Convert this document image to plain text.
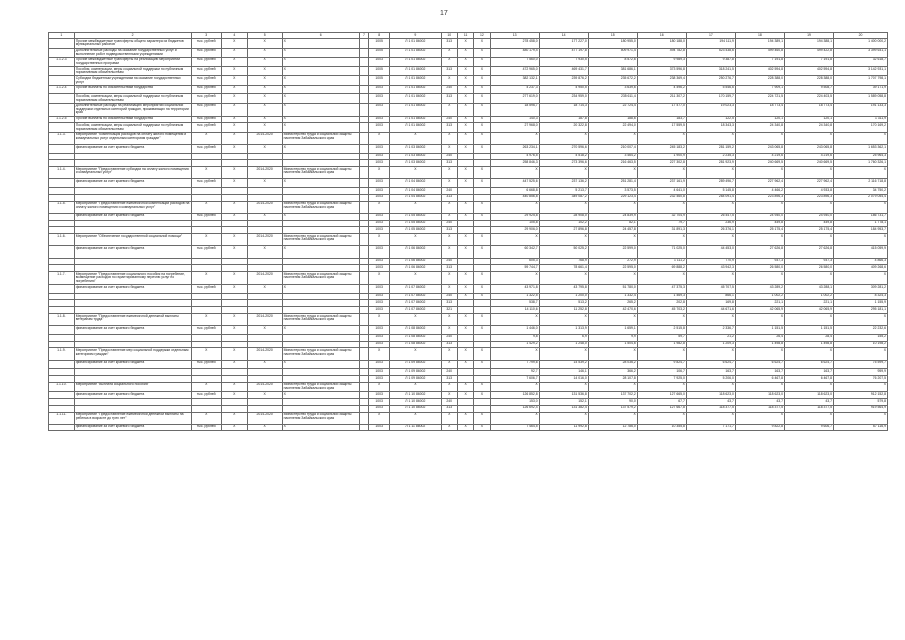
17
1	2	3	4	5	6	7	8	9	10	11	12	13	14	15	16	17	18	19	20
	Прочие межбюджетные трансферты общего характера из бюджетов муниципальных районов	тыс. рублей	X	X	X		1005	Л 1 01 86002	313	X	X	278 458,0	177 227,0	180 955,0	180 188,0	194 111,9	194 389,1	194 388,1	1 400 000,2
	Дополнительные расходы на оказание государственных услуг и выполнение работ подведомственными учреждениями	тыс. рублей	X	X	X		1005	Л 1 01 86002	X	X	X	480 179,4	477 197,8	509 971,4	494 782,8	523 438,6	499 460,8	499 422,8	3 399 641,1
1.1.2.3	Прочие межбюджетные трансферты на реализацию мероприятий государственных программ	тыс. рублей	X	X	X		1003	Л 1 01 86002	X	X	X	7 560,0	7 930,5	8 572,6	9 989,3	9 387,8	7 191,8	7 191,8	32 618,7
	Пособия, компенсации, меры социальной поддержки по публичным нормативным обязательствам	тыс. рублей	X	X	X		1005	Л 1 01 86002	313	X	X	472 965,0	469 431,7	381 686,1	373 596,8	318 241,5	402 594,8	402 594,8	3 142 931,1
	Субсидии бюджетным учреждениям на оказание государственных услуг	тыс. рублей	X	X	X		1005	Л 1 01 86002	X	X	X	382 132,1	239 876,2	235 672,2	238 369,4	250 276,7	228 388,0	228 388,0	1 707 798,1
1.1.2.4	Прочие выплаты по обязательствам государства	тыс. рублей	X	X	X		1003	Л 1 01 86002	240	X	X	4 237,3	4 950,5	3 639,6	4 496,2	5 546,6	7 909,1	9 508,7	39 171,9
	Пособия, компенсации, меры социальной поддержки по публичным нормативным обязательствам	тыс. рублей	X	X	X		1003	Л 1 01 86002	313	X	X	277 619,0	234 959,0	235 611,4	211 307,2	170 159,7	224 721,5	224 403,5	1 589 058,8
	Дополнительные расходы на реализацию мероприятий социальной поддержки отдельных категорий граждан, проживающих на территории края	тыс. рублей	X	X	X		1003	Л 1 01 86002	X	X	X	18 596,7	18 714,3	22 724,4	17 477,0	19 023,3	18 773,4	18 773,4	191 133,3
1.1.2.5	Прочие выплаты по обязательствам государства	тыс. рублей	X	X	X		1003	Л 1 01 86002	240	X	X	140,3	187,8	188,6	183,7	122,5	120,1	120,1	1 311,9
	Пособия, компенсации, меры социальной поддержки по публичным нормативным обязательствам	тыс. рублей	X	X	X		1003	Л 1 01 86002	313	X	X	27 968,0	20 322,8	22 494,0	17 559,5	18 343,3	24 340,8	24 340,8	170 169,2
1.1.3.	Мероприятие "Компенсация расходов на оплату жилого помещения и коммунальных услуг отдельным категориям граждан"	X	X	2014-2020	Министерство труда и социальной защиты населения Забайкальского края		X	X	X	X	X	X	X	X	X	X	X	X	X
	финансирование за счет краевого бюджета	тыс. рублей	X	X	X		1003	Л 1 03 86002	X	X	X	263 234,1	270 596,6	210 007,4	245 183,2	281 159,2	243 065,8	243 065,8	1 653 362,1
							1003	Л 1 03 86002	240			4 976,5	4 518,2	3 464,2	1 900,9	2 235,3	4 219,6	4 219,6	25 964,3
							1003	Л 1 03 86002	313			258 846,3	273 396,6	216 463,5	227 302,8	281 923,9	240 669,5	240 669,5	1 760 326,1
1.1.4.	Мероприятие "Предоставление субсидии на оплату жилого помещения и коммунальных услуг"	X	X	2014-2020	Министерство труда и социальной защиты населения Забайкальского края		X	X	X	X	X	X	X	X	X	X	X	X	X
	финансирование за счет краевого бюджета	тыс. рублей	X	X	X		1003	Л 1 04 86002	X	X	X	447 525,6	237 136,2	251 281,4	237 161,9	289 496,7	227 962,4	227 962,4	2 116 718,8
							1003	Л 1 04 86002	240			6 668,8	5 213,7	3 573,5	4 641,0	5 145,8	4 466,2	4 933,8	34 750,2
							1003	Л 1 04 86002	313			440 856,8	349 087,2	229 123,4	232 460,8	284 091,4	223 896,3	223 896,3	2 079 054,4
1.1.5.	Мероприятие "Предоставление ежемесячной компенсации расходов на оплату жилого помещения и коммунальных услуг"	X	X	2014-2020	Министерство труда и социальной защиты населения Забайкальского края		X	X	X	X	X	X	X	X	X	X	X	X	X
	финансирование за счет краевого бюджета	тыс. рублей	X	X	X		1003	Л 1 05 86002	X	X	X	29 925,8	28 908,0	24 839,9	32 704,9	26 447,5	24 940,0	24 940,0	186 731,7
							1003	Л 1 05 86002	240			105,8	102,2	82,1	79,7	236,9	449,8	449,8	1 778,1
							1003	Л 1 05 86002	313			29 906,0	27 896,8	24 457,8	31 891,3	26 376,1	25 175,4	25 175,4	184 953,7
1.1.6.	Мероприятие "Обеспечение государственной социальной помощи"	X	X	2014-2020	Министерство труда и социальной защиты населения Забайкальского края		X	X	X	X	X	X	X	X	X	X	X	X	X
	финансирование за счет краевого бюджета	тыс. рублей	X	X	X		1003	Л 1 06 86002	X	X	X	60 342,7	50 025,2	22 599,0	71 025,0	44 453,0	27 626,8	27 626,8	415 059,9
							1003	Л 1 06 86002	240			605,3	768,9	272,9	1 111,2	770,9	937,3	937,3	4 866,3
							1003	Л 1 06 86002	313			59 744,7	78 661,4	22 595,0	69 888,2	43 942,3	26 580,0	26 580,0	409 268,6
1.1.7.	Мероприятие "Предоставление социального пособия на погребение, возмещение расходов по гарантированному перечню услуг по погребению"	X	X	2014-2020	Министерство труда и социальной защиты населения Забайкальского края		X	X	X	X	X	X	X	X	X	X	X	X	X
	финансирование за счет краевого бюджета	тыс. рублей	X	X	X		1003	Л 1 07 86002	X	X	X	43 971,8	43 795,8	51 780,0	47 375,3	45 707,5	43 289,2	43 288,1	309 281,2
							1003	Л 1 07 86002	240	X	X	1 322,5	1 200,0	1 332,4	1 469,3	866,1	1 002,2	1 002,2	8 324,3
							1003	Л 1 07 86002	313			538,7	513,2	265,2	202,8	169,8	221,1	221,1	1 155,9
							1003	Л 1 07 86002	321			14 110,6	11 252,8	42 470,6	45 703,2	44 671,6	42 065,9	42 065,9	295 181,1
1.1.8.	Мероприятие "Предоставление ежемесячной денежной выплаты ветеранам труда"	X	X	2014-2020	Министерство труда и социальной защиты населения Забайкальского края		X	X	X	X	X	X	X	X	X	X	X	X	X
	финансирование за счет краевого бюджета	тыс. рублей	X	X	X		1003	Л 1 08 86002	X	X	X	1 446,0	1 313,9	1 659,1	2 515,8	2 336,7	1 151,5	1 151,5	22 232,6
							1003	Л 1 08 86002	240			9,8	6,9	9,9	59,7	21,2	26,4	28,4	155,2
							1003	Л 1 08 86002	313			1 429,2	1 248,0	1 504,6	1 982,8	1 209,3	1 498,8	1 498,8	10 198,2
1.1.9.	Мероприятие "Предоставление мер социальной поддержки отдельным категориям граждан"	X	X	2014-2020	Министерство труда и социальной защиты населения Забайкальского края		X	X	X	X	X	X	X	X	X	X	X	X	X
	финансирование за счет краевого бюджета	тыс. рублей	X	X	X		1003	Л 1 09 86002	X	X	X	7 799,6	14 539,2	28 036,2	9 824,7	6 624,7	6 624,7	6 624,7	75 599,7
							1003	Л 1 09 86002	240			92,7	146,1	366,2	106,7	163,7	163,7	163,7	959,9
							1003	Л 1 09 86002	313			7 606,7	14 016,0	28 107,8	7 925,0	5 206,0	6 467,8	6 467,8	76 207,5
1.1.10.	Мероприятие "Выплата социального пособия"	X	X	2014-2020	Министерство труда и социальной защиты населения Забайкальского края		X	X	X	X	X	X	X	X	X	X	X	X	X
	финансирование за счет краевого бюджета	тыс. рублей	X	X	X		1003	Л 1 10 86002	X	X	X	126 852,8	131 536,8	137 702,2	127 665,0	118 623,0	118 623,0	118 623,0	912 152,8
							1003	Л 1 10 86002	240			153,0	152,1	90,0	67,7	43,7	43,7	43,7	579,8
							1003	Л 1 10 86002	313			126 692,4	131 382,4	137 579,2	127 667,8	118 377,5	118 377,5	118 377,5	919 564,9
1.1.11.	Мероприятие "Предоставление ежемесячной денежной выплаты на ребенка в возрасте до трех лет"	X	X	2014-2020	Министерство труда и социальной защиты населения Забайкальского края		X	X	X	X	X	X	X	X	X	X	X	X	X
	финансирование за счет краевого бюджета	тыс. рублей	X	X	X		1003	Л 1 11 86002	X	X	X	7 464,5	11 992,8	12 786,0	10 355,8	7 171,7	9 822,8	9 606,7	67 116,9
